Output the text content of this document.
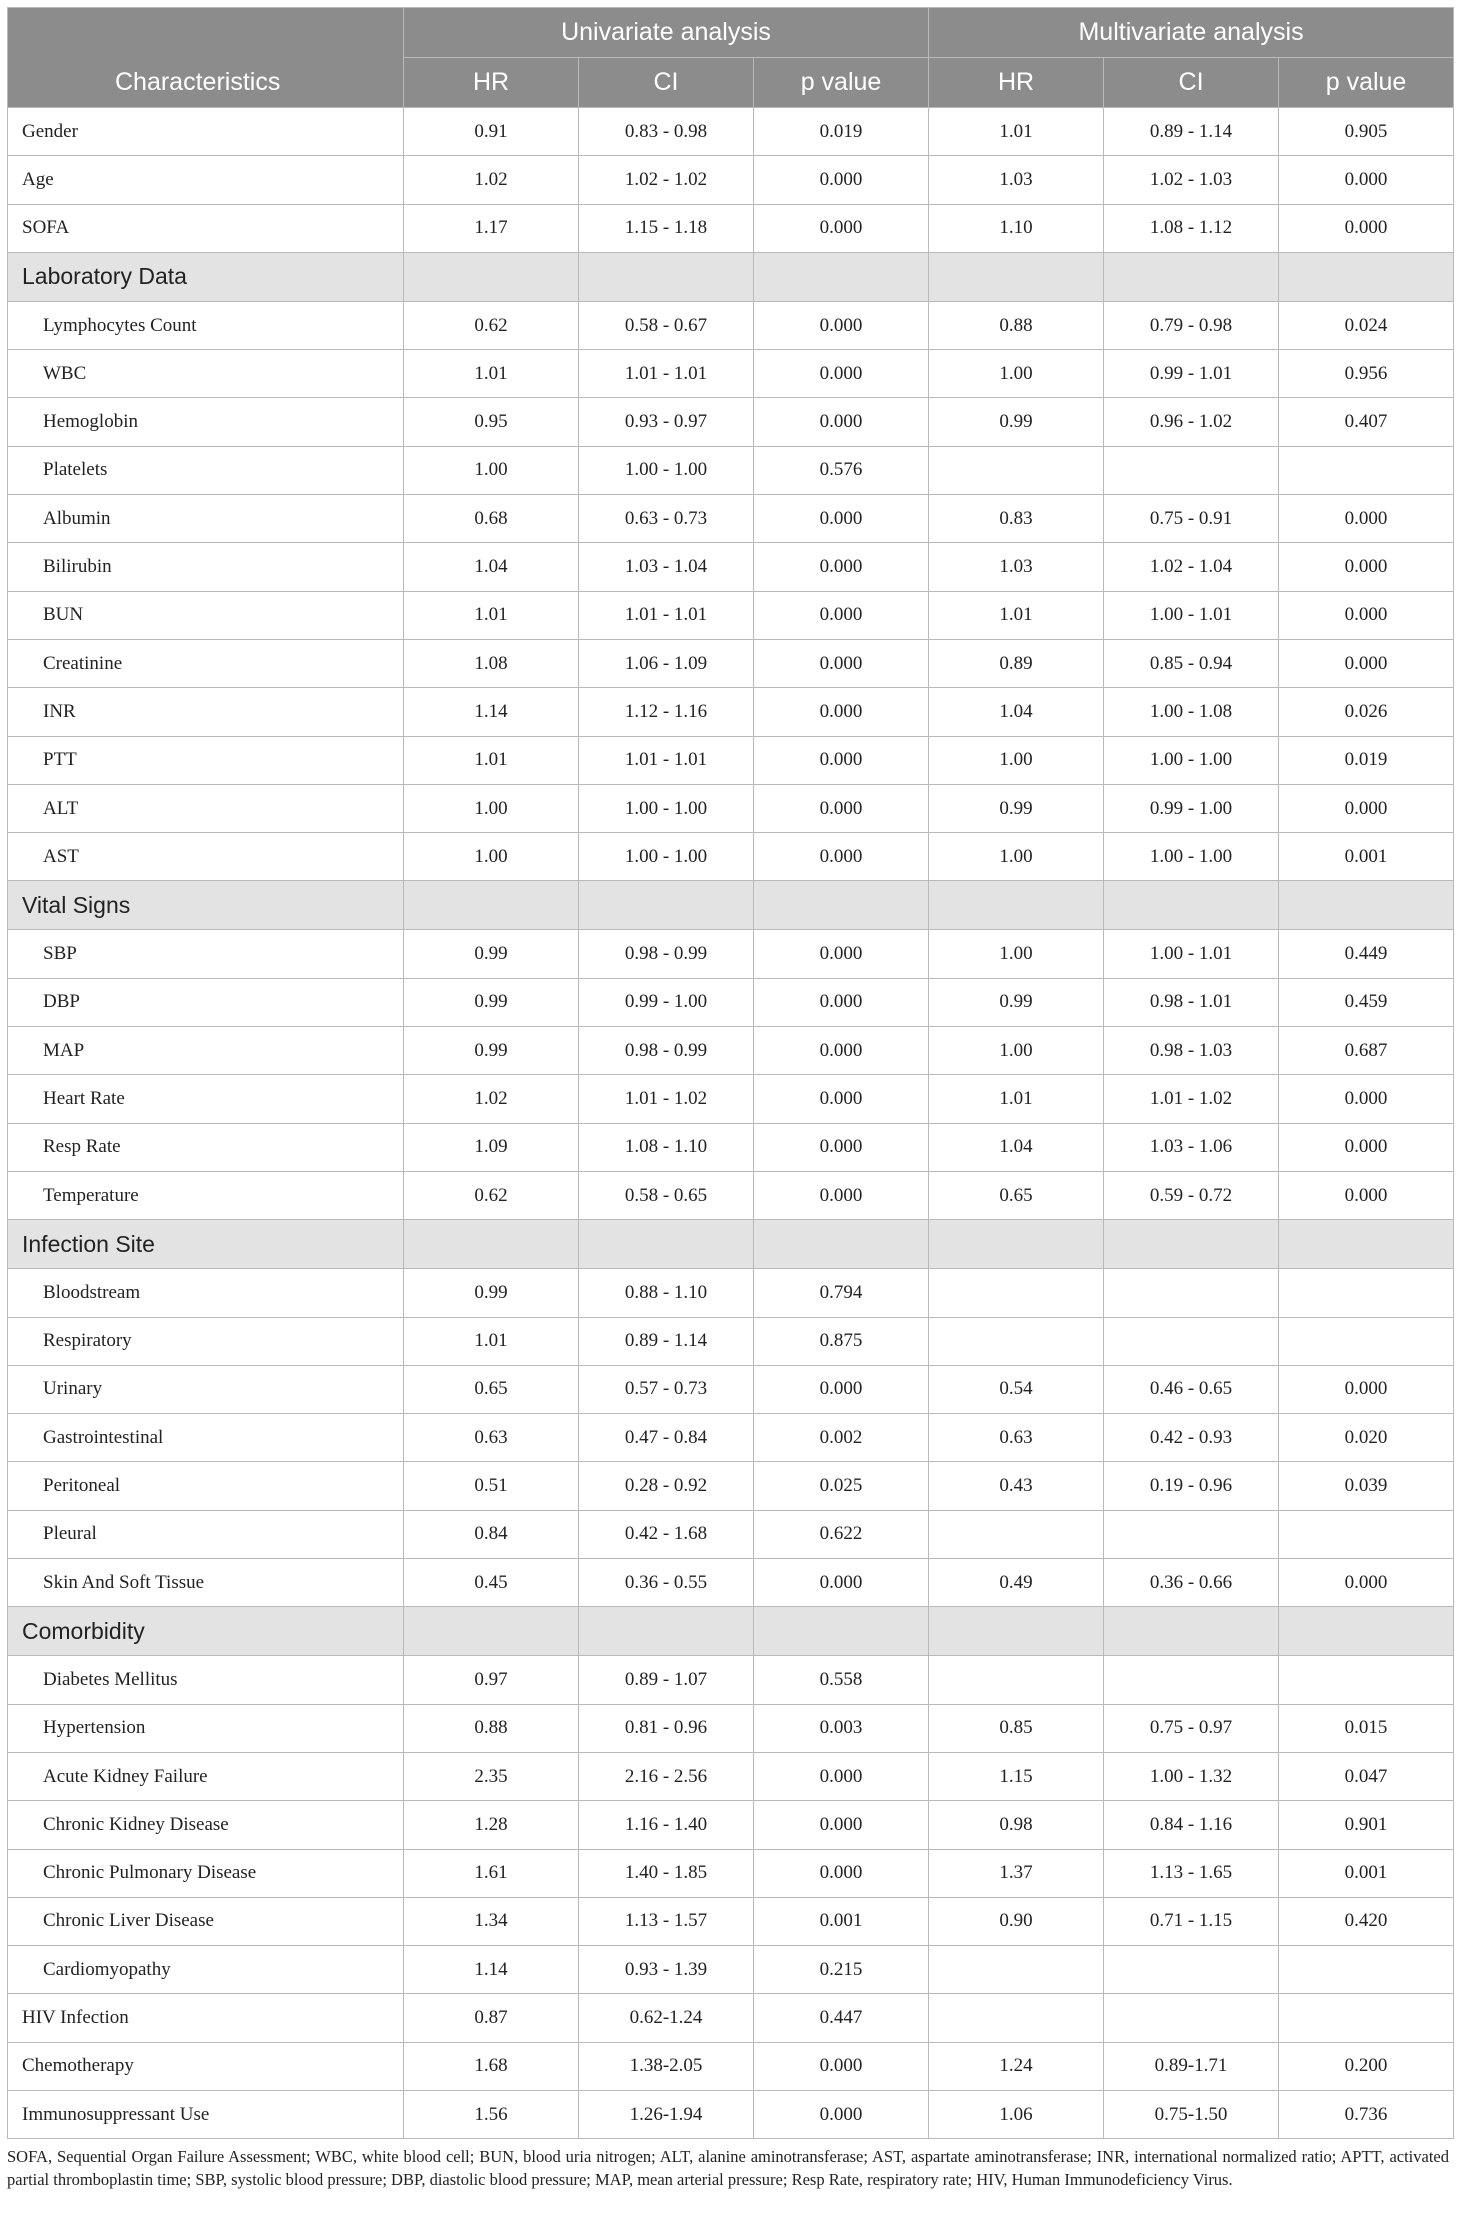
Characteristics	Univariate analysis			Multivariate analysis		
	HR	CI	p value	HR	CI	p value
Gender	0.91	0.83 - 0.98	0.019	1.01	0.89 - 1.14	0.905
Age	1.02	1.02 - 1.02	0.000	1.03	1.02 - 1.03	0.000
SOFA	1.17	1.15 - 1.18	0.000	1.10	1.08 - 1.12	0.000
Laboratory Data						
Lymphocytes Count	0.62	0.58 - 0.67	0.000	0.88	0.79 - 0.98	0.024
WBC	1.01	1.01 - 1.01	0.000	1.00	0.99 - 1.01	0.956
Hemoglobin	0.95	0.93 - 0.97	0.000	0.99	0.96 - 1.02	0.407
Platelets	1.00	1.00 - 1.00	0.576			
Albumin	0.68	0.63 - 0.73	0.000	0.83	0.75 - 0.91	0.000
Bilirubin	1.04	1.03 - 1.04	0.000	1.03	1.02 - 1.04	0.000
BUN	1.01	1.01 - 1.01	0.000	1.01	1.00 - 1.01	0.000
Creatinine	1.08	1.06 - 1.09	0.000	0.89	0.85 - 0.94	0.000
INR	1.14	1.12 - 1.16	0.000	1.04	1.00 - 1.08	0.026
PTT	1.01	1.01 - 1.01	0.000	1.00	1.00 - 1.00	0.019
ALT	1.00	1.00 - 1.00	0.000	0.99	0.99 - 1.00	0.000
AST	1.00	1.00 - 1.00	0.000	1.00	1.00 - 1.00	0.001
Vital Signs						
SBP	0.99	0.98 - 0.99	0.000	1.00	1.00 - 1.01	0.449
DBP	0.99	0.99 - 1.00	0.000	0.99	0.98 - 1.01	0.459
MAP	0.99	0.98 - 0.99	0.000	1.00	0.98 - 1.03	0.687
Heart Rate	1.02	1.01 - 1.02	0.000	1.01	1.01 - 1.02	0.000
Resp Rate	1.09	1.08 - 1.10	0.000	1.04	1.03 - 1.06	0.000
Temperature	0.62	0.58 - 0.65	0.000	0.65	0.59 - 0.72	0.000
Infection Site						
Bloodstream	0.99	0.88 - 1.10	0.794			
Respiratory	1.01	0.89 - 1.14	0.875			
Urinary	0.65	0.57 - 0.73	0.000	0.54	0.46 - 0.65	0.000
Gastrointestinal	0.63	0.47 - 0.84	0.002	0.63	0.42 - 0.93	0.020
Peritoneal	0.51	0.28 - 0.92	0.025	0.43	0.19 - 0.96	0.039
Pleural	0.84	0.42 - 1.68	0.622			
Skin And Soft Tissue	0.45	0.36 - 0.55	0.000	0.49	0.36 - 0.66	0.000
Comorbidity						
Diabetes Mellitus	0.97	0.89 - 1.07	0.558			
Hypertension	0.88	0.81 - 0.96	0.003	0.85	0.75 - 0.97	0.015
Acute Kidney Failure	2.35	2.16 - 2.56	0.000	1.15	1.00 - 1.32	0.047
Chronic Kidney Disease	1.28	1.16 - 1.40	0.000	0.98	0.84 - 1.16	0.901
Chronic Pulmonary Disease	1.61	1.40 - 1.85	0.000	1.37	1.13 - 1.65	0.001
Chronic Liver Disease	1.34	1.13 - 1.57	0.001	0.90	0.71 - 1.15	0.420
Cardiomyopathy	1.14	0.93 - 1.39	0.215			
HIV Infection	0.87	0.62-1.24	0.447			
Chemotherapy	1.68	1.38-2.05	0.000	1.24	0.89-1.71	0.200
Immunosuppressant Use	1.56	1.26-1.94	0.000	1.06	0.75-1.50	0.736
SOFA, Sequential Organ Failure Assessment; WBC, white blood cell; BUN, blood uria nitrogen; ALT, alanine aminotransferase; AST, aspartate aminotransferase; INR, international normalized ratio; APTT, activated partial thromboplastin time; SBP, systolic blood pressure; DBP, diastolic blood pressure; MAP, mean arterial pressure; Resp Rate, respiratory rate; HIV, Human Immunodeficiency Virus.
